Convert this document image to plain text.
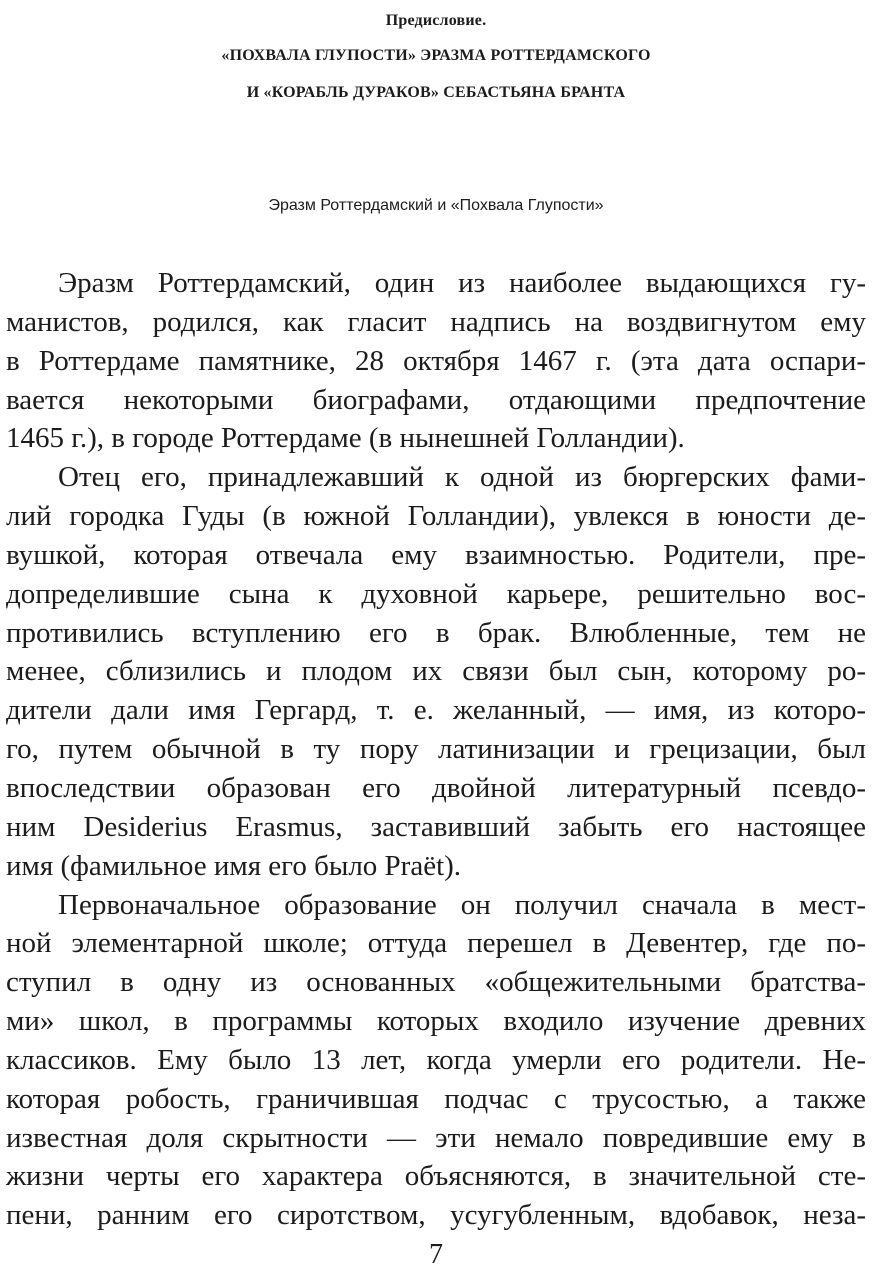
Предисловие.
«ПОХВАЛА ГЛУПОСТИ» ЭРАЗМА РОТТЕРДАМСКОГО
И «КОРАБЛЬ ДУРАКОВ» СЕБАСТЬЯНА БРАНТА
Эразм Роттердамский и «Похвала Глупости»
Эразм Роттердамский, один из наиболее выдающихся гу-
манистов, родился, как гласит надпись на воздвигнутом ему
в Роттердаме памятнике, 28 октября 1467 г. (эта дата оспари-
вается некоторыми биографами, отдающими предпочтение
1465 г.), в городе Роттердаме (в нынешней Голландии).
Отец его, принадлежавший к одной из бюргерских фами-
лий городка Гуды (в южной Голландии), увлекся в юности де-
вушкой, которая отвечала ему взаимностью. Родители, пре-
допределившие сына к духовной карьере, решительно вос-
противились вступлению его в брак. Влюбленные, тем не
менее, сблизились и плодом их связи был сын, которому ро-
дители дали имя Гергард, т. е. желанный, — имя, из которо-
го, путем обычной в ту пору латинизации и грецизации, был
впоследствии образован его двойной литературный псевдо-
ним Desiderius Erasmus, заставивший забыть его настоящее
имя (фамильное имя его было Praët).
Первоначальное образование он получил сначала в мест-
ной элементарной школе; оттуда перешел в Девентер, где по-
ступил в одну из основанных «общежительными братства-
ми» школ, в программы которых входило изучение древних
классиков. Ему было 13 лет, когда умерли его родители. Не-
которая робость, граничившая подчас с трусостью, а также
известная доля скрытности — эти немало повредившие ему в
жизни черты его характера объясняются, в значительной сте-
пени, ранним его сиротством, усугубленным, вдобавок, неза-
7
